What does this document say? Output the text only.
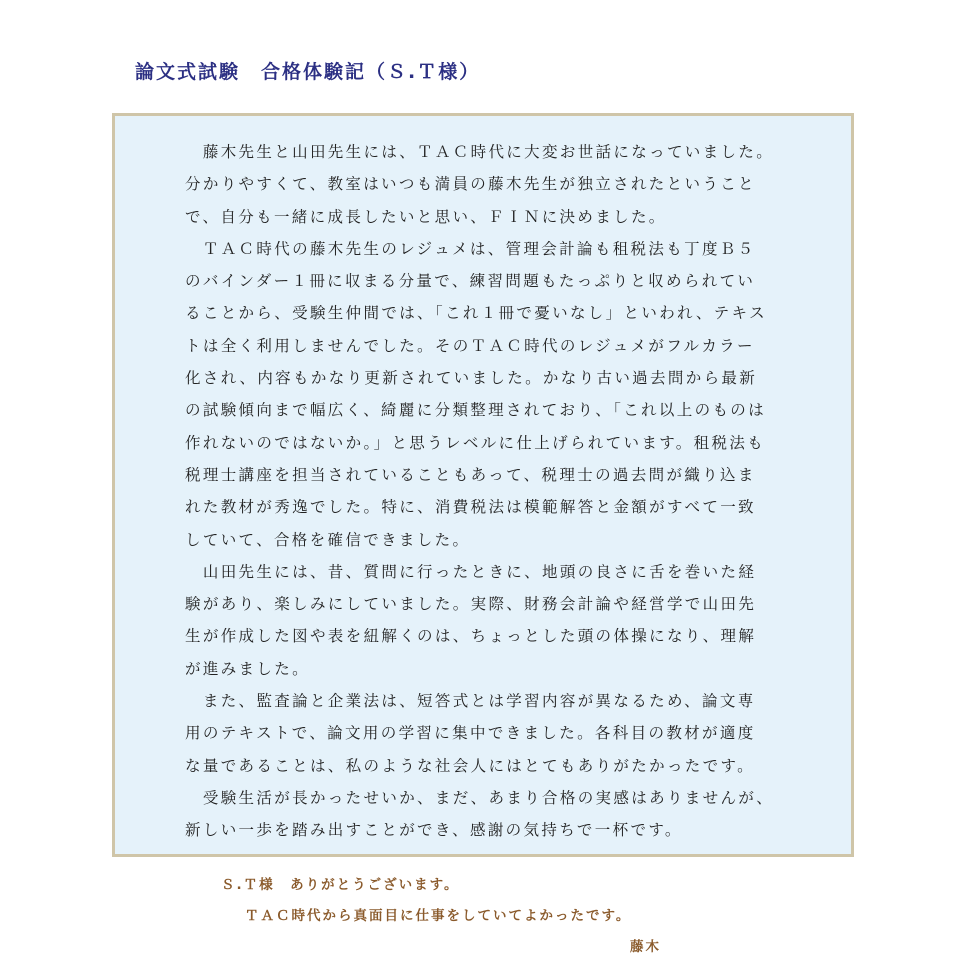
論文式試験　合格体験記（Ｓ.Ｔ様）

　藤木先生と山田先生には、ＴＡＣ時代に大変お世話になっていました。

分かりやすくて、教室はいつも満員の藤木先生が独立されたということ

で、自分も一緒に成長したいと思い、ＦＩＮに決めました。

　ＴＡＣ時代の藤木先生のレジュメは、管理会計論も租税法も丁度Ｂ５

のバインダー１冊に収まる分量で、練習問題もたっぷりと収められてい

ることから、受験生仲間では、「これ１冊で憂いなし」といわれ、テキス

トは全く利用しませんでした。そのＴＡＣ時代のレジュメがフルカラー

化され、内容もかなり更新されていました。かなり古い過去問から最新

の試験傾向まで幅広く、綺麗に分類整理されており、「これ以上のものは

作れないのではないか。」と思うレベルに仕上げられています。租税法も

税理士講座を担当されていることもあって、税理士の過去問が織り込ま

れた教材が秀逸でした。特に、消費税法は模範解答と金額がすべて一致

していて、合格を確信できました。

　山田先生には、昔、質問に行ったときに、地頭の良さに舌を巻いた経

験があり、楽しみにしていました。実際、財務会計論や経営学で山田先

生が作成した図や表を紐解くのは、ちょっとした頭の体操になり、理解

が進みました。

　また、監査論と企業法は、短答式とは学習内容が異なるため、論文専

用のテキストで、論文用の学習に集中できました。各科目の教材が適度

な量であることは、私のような社会人にはとてもありがたかったです。

　受験生活が長かったせいか、まだ、あまり合格の実感はありませんが、

新しい一歩を踏み出すことができ、感謝の気持ちで一杯です。

Ｓ.Ｔ様　ありがとうございます。

ＴＡＣ時代から真面目に仕事をしていてよかったです。

藤木
